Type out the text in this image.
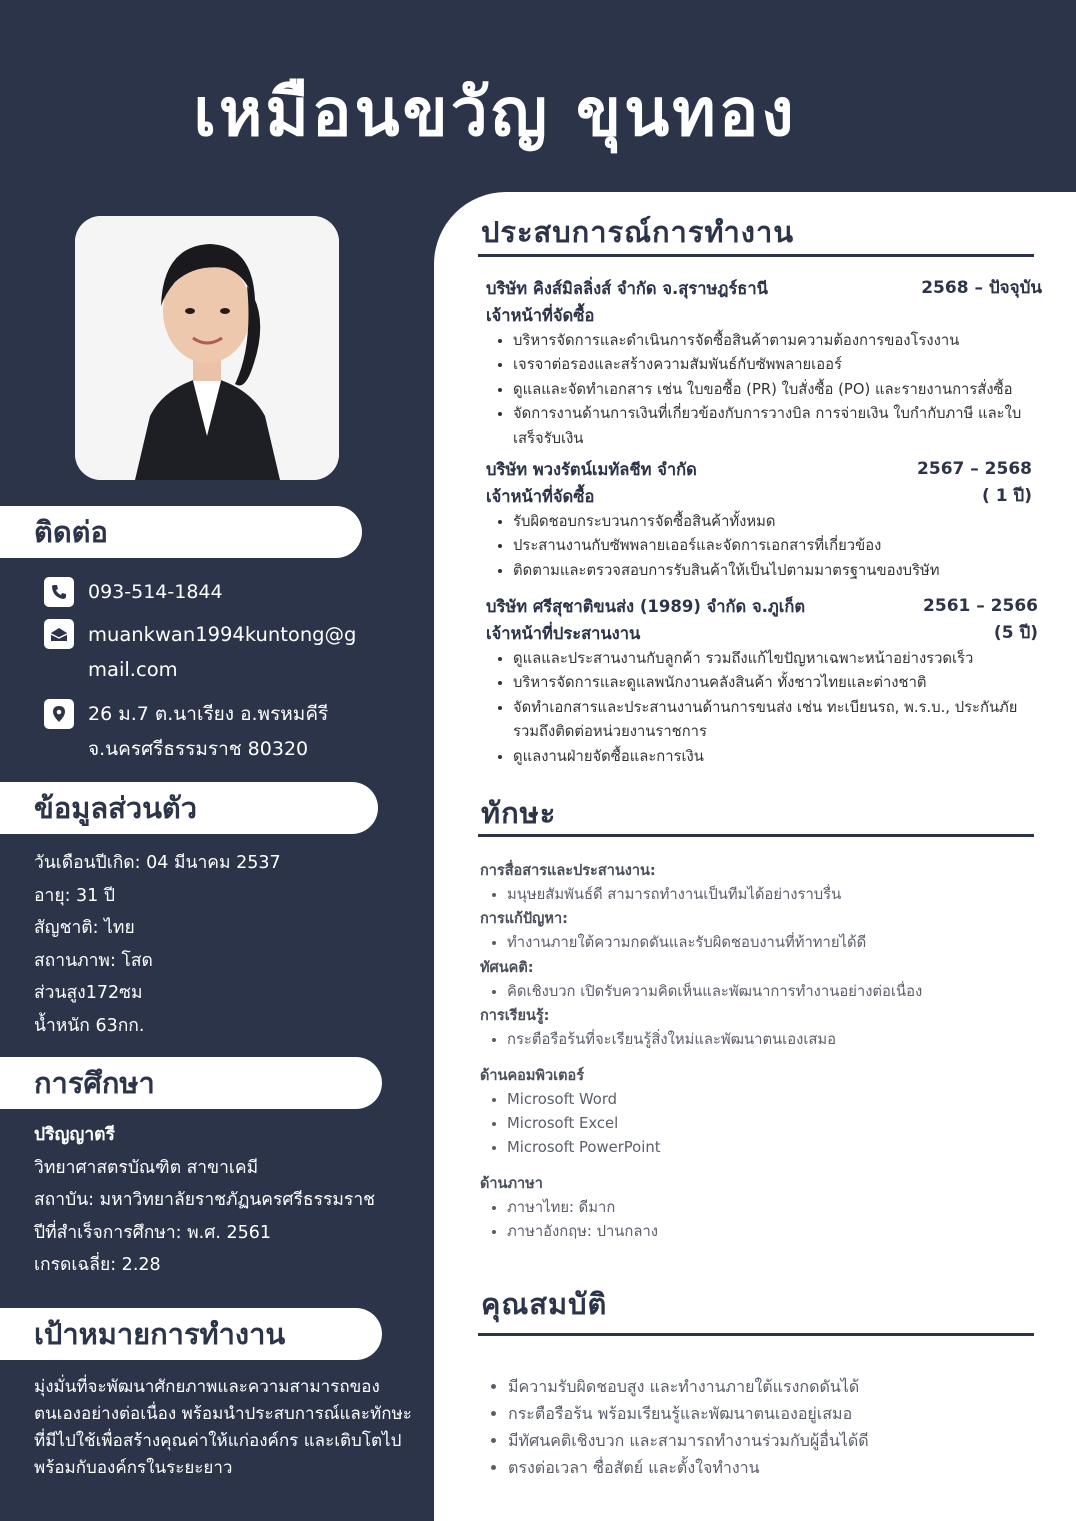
เหมือนขวัญ ขุนทอง
ติดต่อ
093-514-1844
muankwan1994kuntong@g
mail.com
26 ม.7 ต.นาเรียง อ.พรหมคีรี
จ.นครศรีธรรมราช 80320
ข้อมูลส่วนตัว
วันเดือนปีเกิด: 04 มีนาคม 2537
อายุ: 31 ปี
สัญชาติ: ไทย
สถานภาพ: โสด
ส่วนสูง172ซม
น้ำหนัก 63กก.
การศึกษา
ปริญญาตรี
วิทยาศาสตรบัณฑิต สาขาเคมี
สถาบัน: มหาวิทยาลัยราชภัฏนครศรีธรรมราช
ปีที่สำเร็จการศึกษา: พ.ศ. 2561
เกรดเฉลี่ย: 2.28
เป้าหมายการทำงาน
มุ่งมั่นที่จะพัฒนาศักยภาพและความสามารถของ
ตนเองอย่างต่อเนื่อง พร้อมนำประสบการณ์และทักษะ
ที่มีไปใช้เพื่อสร้างคุณค่าให้แก่องค์กร และเติบโตไป
พร้อมกับองค์กรในระยะยาว
ประสบการณ์การทำงาน
บริษัท คิงส์มิลลิ่งส์ จำกัด จ.สุราษฎร์ธานี	2568 – ปัจจุบัน
เจ้าหน้าที่จัดซื้อ
• บริหารจัดการและดำเนินการจัดซื้อสินค้าตามความต้องการของโรงงาน
• เจรจาต่อรองและสร้างความสัมพันธ์กับซัพพลายเออร์
• ดูแลและจัดทำเอกสาร เช่น ใบขอซื้อ (PR) ใบสั่งซื้อ (PO) และรายงานการสั่งซื้อ
• จัดการงานด้านการเงินที่เกี่ยวข้องกับการวางบิล การจ่ายเงิน ใบกำกับภาษี และใบเสร็จรับเงิน
บริษัท พวงรัตน์เมทัลชีท จำกัด	2567 – 2568
เจ้าหน้าที่จัดซื้อ	( 1 ปี)
• รับผิดชอบกระบวนการจัดซื้อสินค้าทั้งหมด
• ประสานงานกับซัพพลายเออร์และจัดการเอกสารที่เกี่ยวข้อง
• ติดตามและตรวจสอบการรับสินค้าให้เป็นไปตามมาตรฐานของบริษัท
บริษัท ศรีสุชาติขนส่ง (1989) จำกัด จ.ภูเก็ต	2561 – 2566
เจ้าหน้าที่ประสานงาน	(5 ปี)
• ดูแลและประสานงานกับลูกค้า รวมถึงแก้ไขปัญหาเฉพาะหน้าอย่างรวดเร็ว
• บริหารจัดการและดูแลพนักงานคลังสินค้า ทั้งชาวไทยและต่างชาติ
• จัดทำเอกสารและประสานงานด้านการขนส่ง เช่น ทะเบียนรถ, พ.ร.บ., ประกันภัย รวมถึงติดต่อหน่วยงานราชการ
• ดูแลงานฝ่ายจัดซื้อและการเงิน
ทักษะ
การสื่อสารและประสานงาน:
• มนุษยสัมพันธ์ดี สามารถทำงานเป็นทีมได้อย่างราบรื่น
การแก้ปัญหา:
• ทำงานภายใต้ความกดดันและรับผิดชอบงานที่ท้าทายได้ดี
ทัศนคติ:
• คิดเชิงบวก เปิดรับความคิดเห็นและพัฒนาการทำงานอย่างต่อเนื่อง
การเรียนรู้:
• กระตือรือร้นที่จะเรียนรู้สิ่งใหม่และพัฒนาตนเองเสมอ
ด้านคอมพิวเตอร์
• Microsoft Word
• Microsoft Excel
• Microsoft PowerPoint
ด้านภาษา
• ภาษาไทย: ดีมาก
• ภาษาอังกฤษ: ปานกลาง
คุณสมบัติ
• มีความรับผิดชอบสูง และทำงานภายใต้แรงกดดันได้
• กระตือรือร้น พร้อมเรียนรู้และพัฒนาตนเองอยู่เสมอ
• มีทัศนคติเชิงบวก และสามารถทำงานร่วมกับผู้อื่นได้ดี
• ตรงต่อเวลา ซื่อสัตย์ และตั้งใจทำงาน
